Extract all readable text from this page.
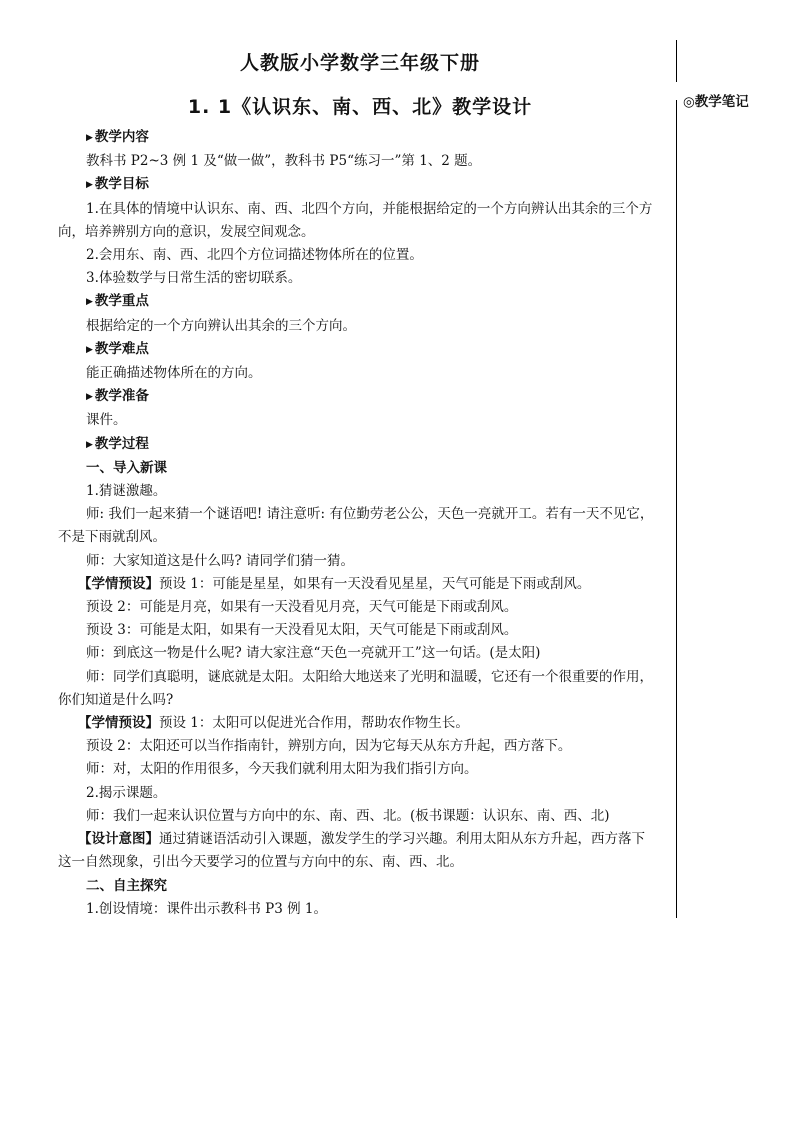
人教版小学数学三年级下册
1. 1《认识东、南、西、北》教学设计	◎教学笔记
▶ 教学内容
教科书 P2~3 例 1 及“做一做”，教科书 P5“练习一”第 1、2 题。
▶ 教学目标
1.在具体的情境中认识东、南、西、北四个方向，并能根据给定的一个方向辨认出其余的三个方
向，培养辨别方向的意识，发展空间观念。
2.会用东、南、西、北四个方位词描述物体所在的位置。
3.体验数学与日常生活的密切联系。
▶ 教学重点
根据给定的一个方向辨认出其余的三个方向。
▶ 教学难点
能正确描述物体所在的方向。
▶ 教学准备
课件。
▶ 教学过程
一、导入新课
1.猜谜激趣。
师: 我们一起来猜一个谜语吧! 请注意听: 有位勤劳老公公，天色一亮就开工。若有一天不见它，
不是下雨就刮风。
师：大家知道这是什么吗? 请同学们猜一猜。
【学情预设】预设 1：可能是星星，如果有一天没看见星星，天气可能是下雨或刮风。
预设 2：可能是月亮，如果有一天没看见月亮，天气可能是下雨或刮风。
预设 3：可能是太阳，如果有一天没看见太阳，天气可能是下雨或刮风。
师：到底这一物是什么呢? 请大家注意“天色一亮就开工”这一句话。(是太阳)
师：同学们真聪明，谜底就是太阳。太阳给大地送来了光明和温暖，它还有一个很重要的作用，
你们知道是什么吗?
【学情预设】预设 1：太阳可以促进光合作用，帮助农作物生长。
预设 2：太阳还可以当作指南针，辨别方向，因为它每天从东方升起，西方落下。
师：对，太阳的作用很多，今天我们就利用太阳为我们指引方向。
2.揭示课题。
师：我们一起来认识位置与方向中的东、南、西、北。(板书课题：认识东、南、西、北)
【设计意图】通过猜谜语活动引入课题，激发学生的学习兴趣。利用太阳从东方升起，西方落下
这一自然现象，引出今天要学习的位置与方向中的东、南、西、北。
二、自主探究
1.创设情境：课件出示教科书 P3 例 1。
